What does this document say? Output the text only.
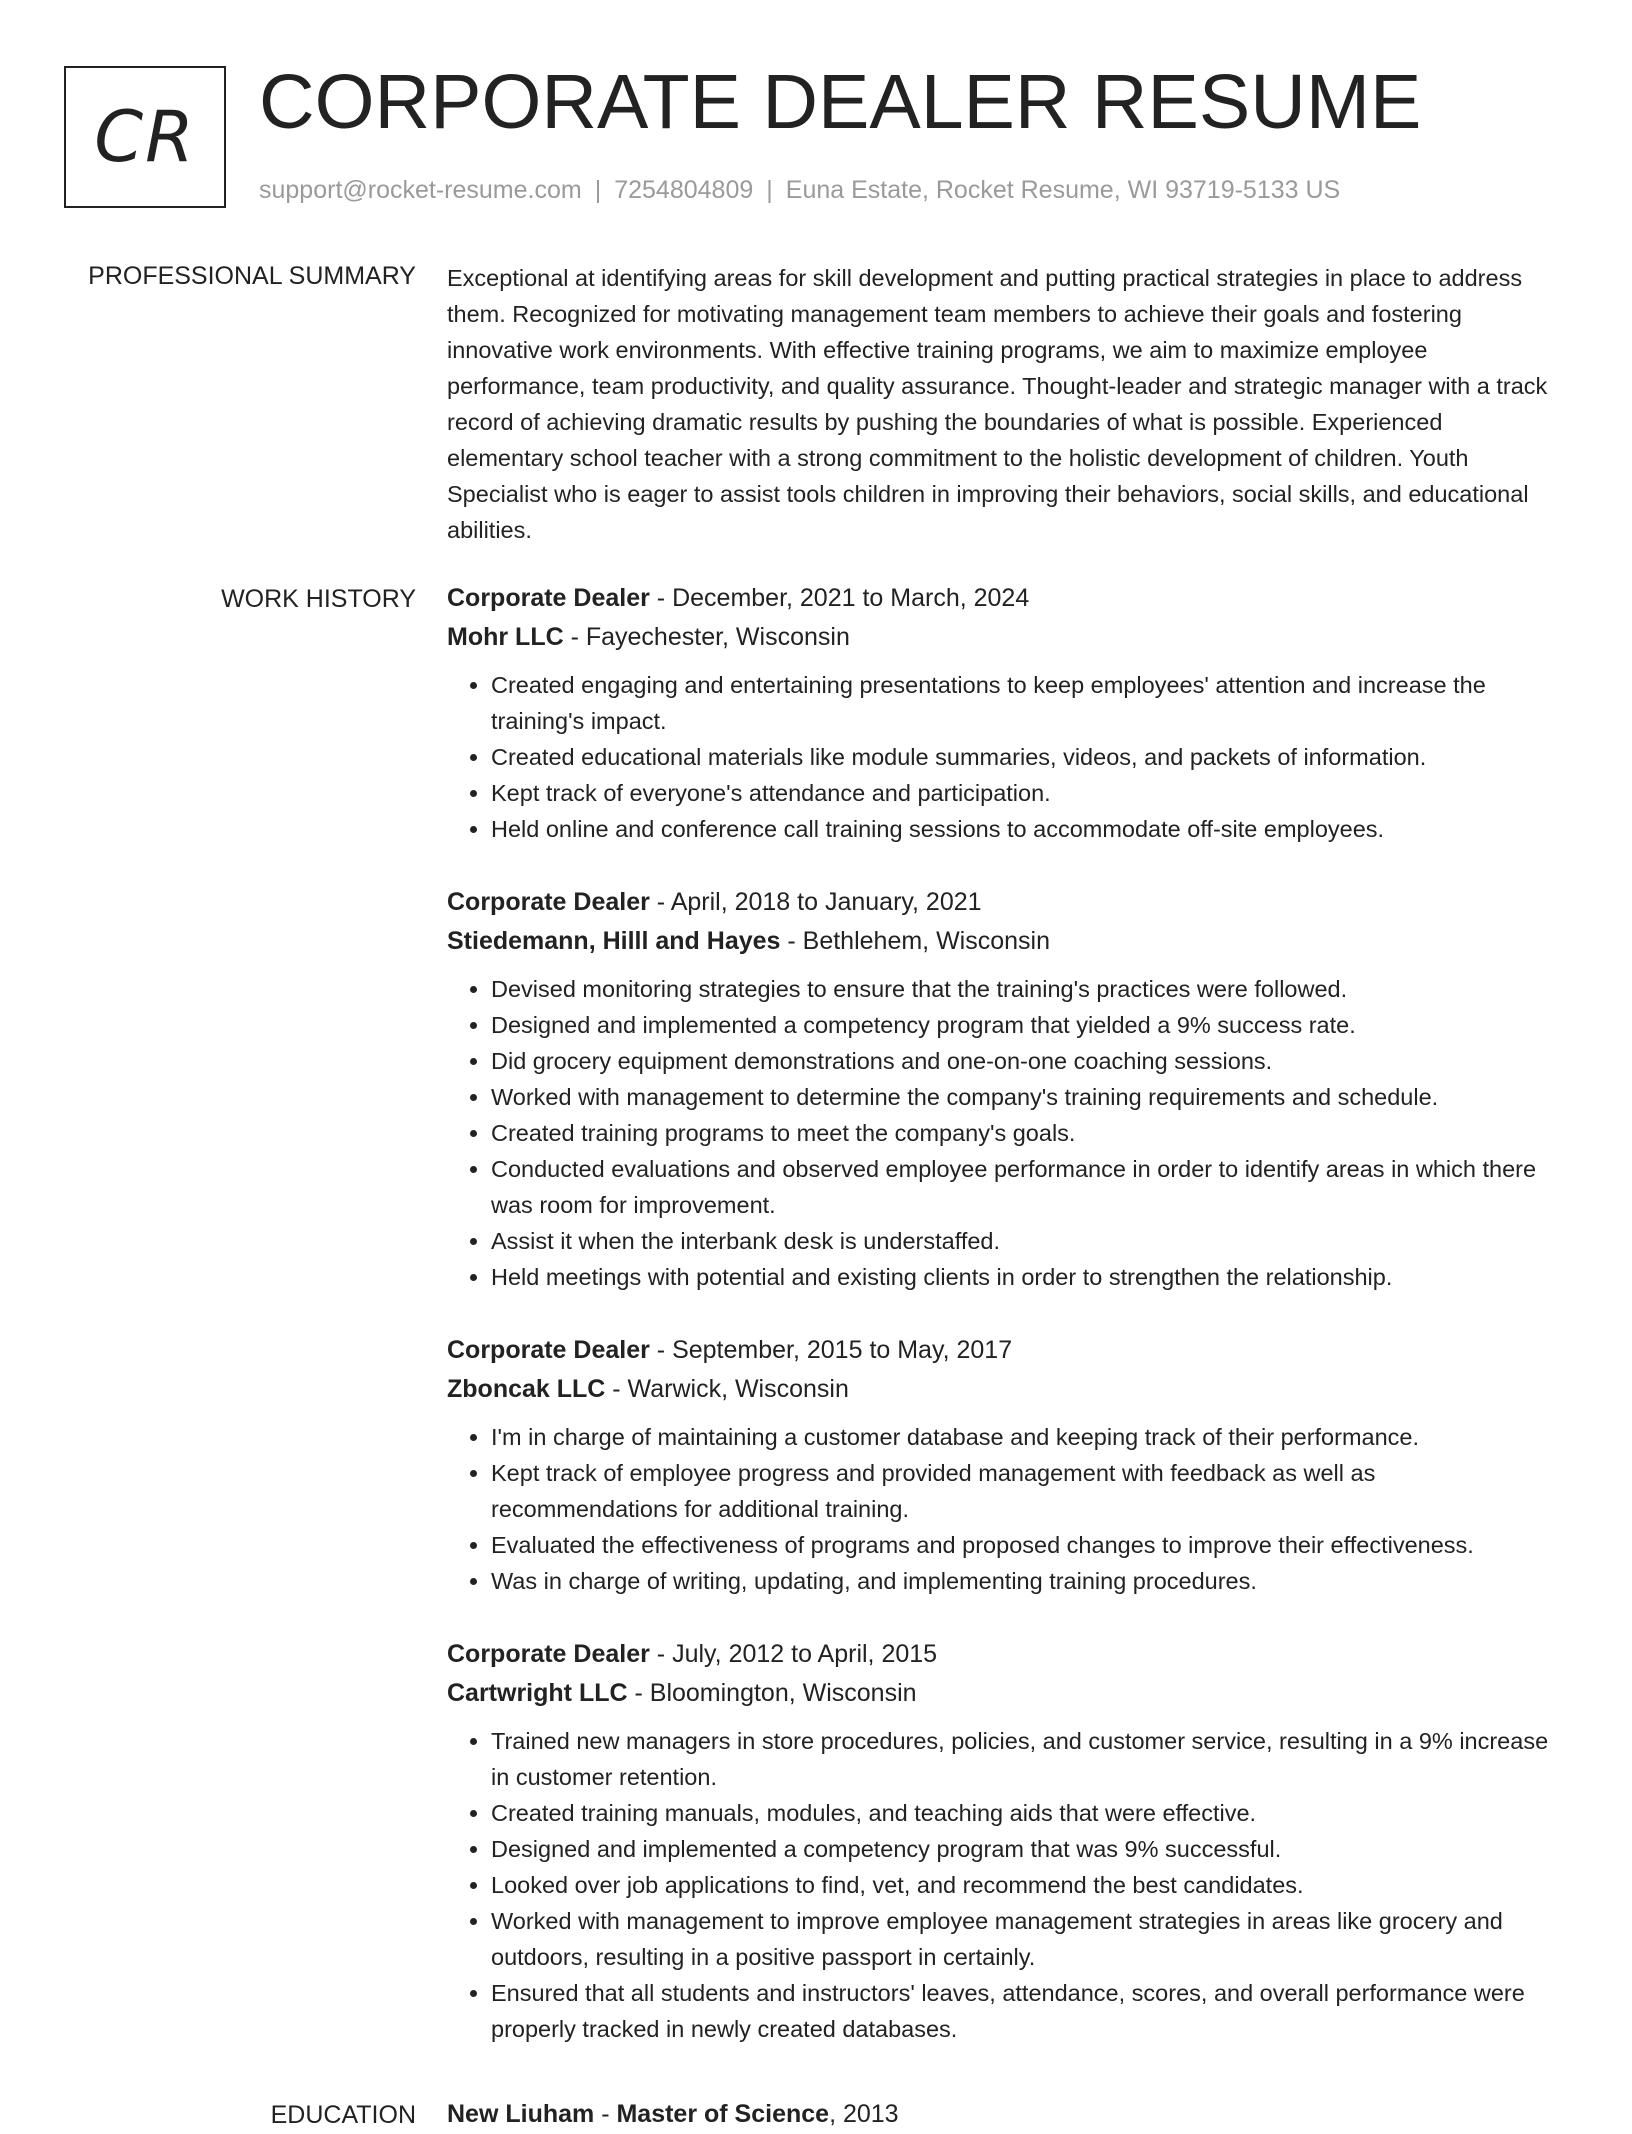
CR CORPORATE DEALER RESUME
support@rocket-resume.com | 7254804809 | Euna Estate, Rocket Resume, WI 93719-5133 US
PROFESSIONAL SUMMARY Exceptional at identifying areas for skill development and putting practical strategies in place to address them. Recognized for motivating management team members to achieve their goals and fostering innovative work environments. With effective training programs, we aim to maximize employee performance, team productivity, and quality assurance. Thought-leader and strategic manager with a track record of achieving dramatic results by pushing the boundaries of what is possible. Experienced elementary school teacher with a strong commitment to the holistic development of children. Youth Specialist who is eager to assist tools children in improving their behaviors, social skills, and educational abilities.

WORK HISTORY Corporate Dealer - December, 2021 to March, 2024
Mohr LLC - Fayechester, Wisconsin
• Created engaging and entertaining presentations to keep employees' attention and increase the training's impact.
• Created educational materials like module summaries, videos, and packets of information.
• Kept track of everyone's attendance and participation.
• Held online and conference call training sessions to accommodate off-site employees.
Corporate Dealer - April, 2018 to January, 2021
Stiedemann, Hilll and Hayes - Bethlehem, Wisconsin
• Devised monitoring strategies to ensure that the training's practices were followed.
• Designed and implemented a competency program that yielded a 9% success rate.
• Did grocery equipment demonstrations and one-on-one coaching sessions.
• Worked with management to determine the company's training requirements and schedule.
• Created training programs to meet the company's goals.
• Conducted evaluations and observed employee performance in order to identify areas in which there was room for improvement.
• Assist it when the interbank desk is understaffed.
• Held meetings with potential and existing clients in order to strengthen the relationship.
Corporate Dealer - September, 2015 to May, 2017
Zboncak LLC - Warwick, Wisconsin
• I'm in charge of maintaining a customer database and keeping track of their performance.
• Kept track of employee progress and provided management with feedback as well as recommendations for additional training.
• Evaluated the effectiveness of programs and proposed changes to improve their effectiveness.
• Was in charge of writing, updating, and implementing training procedures.
Corporate Dealer - July, 2012 to April, 2015
Cartwright LLC - Bloomington, Wisconsin
• Trained new managers in store procedures, policies, and customer service, resulting in a 9% increase in customer retention.
• Created training manuals, modules, and teaching aids that were effective.
• Designed and implemented a competency program that was 9% successful.
• Looked over job applications to find, vet, and recommend the best candidates.
• Worked with management to improve employee management strategies in areas like grocery and outdoors, resulting in a positive passport in certainly.
• Ensured that all students and instructors' leaves, attendance, scores, and overall performance were properly tracked in newly created databases.
EDUCATION New Liuham - Master of Science, 2013
